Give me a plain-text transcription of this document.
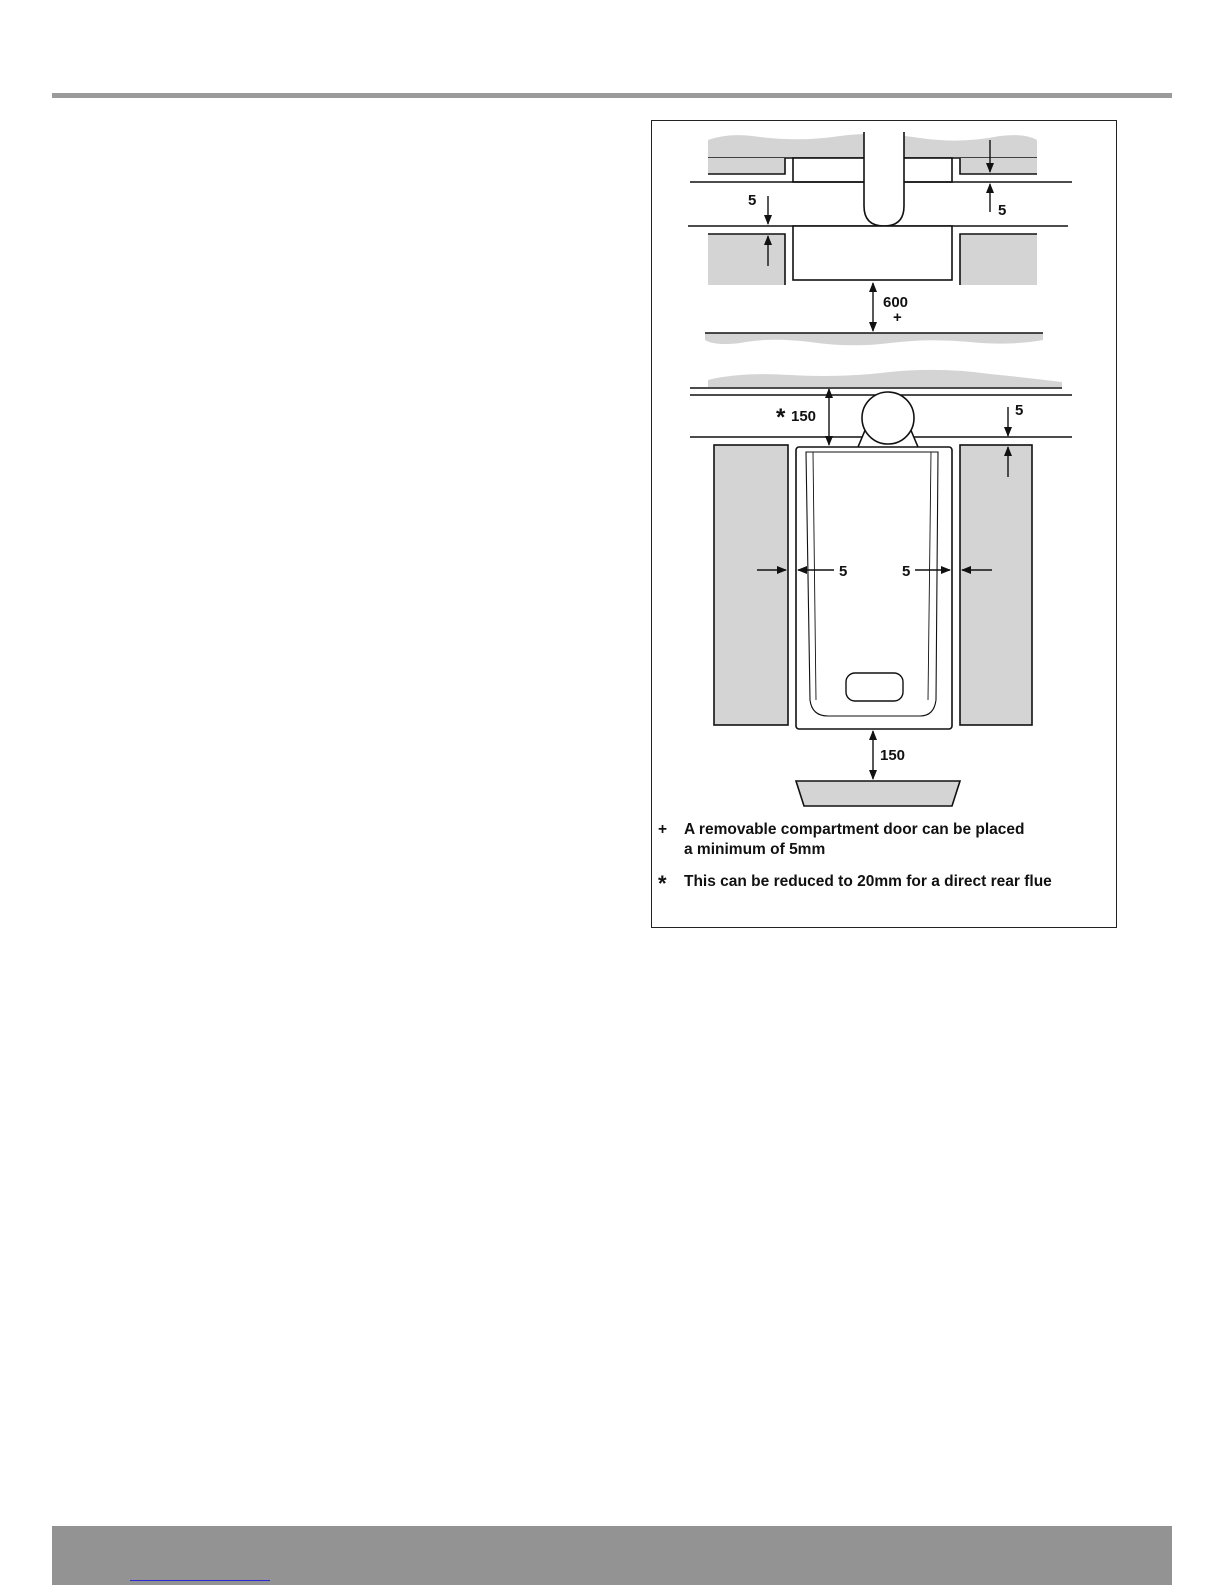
5
5
600
+
* 150	5
5	5
150
+ A removable compartment door can be placed
a minimum of 5mm
* This can be reduced to 20mm for a direct rear flue
